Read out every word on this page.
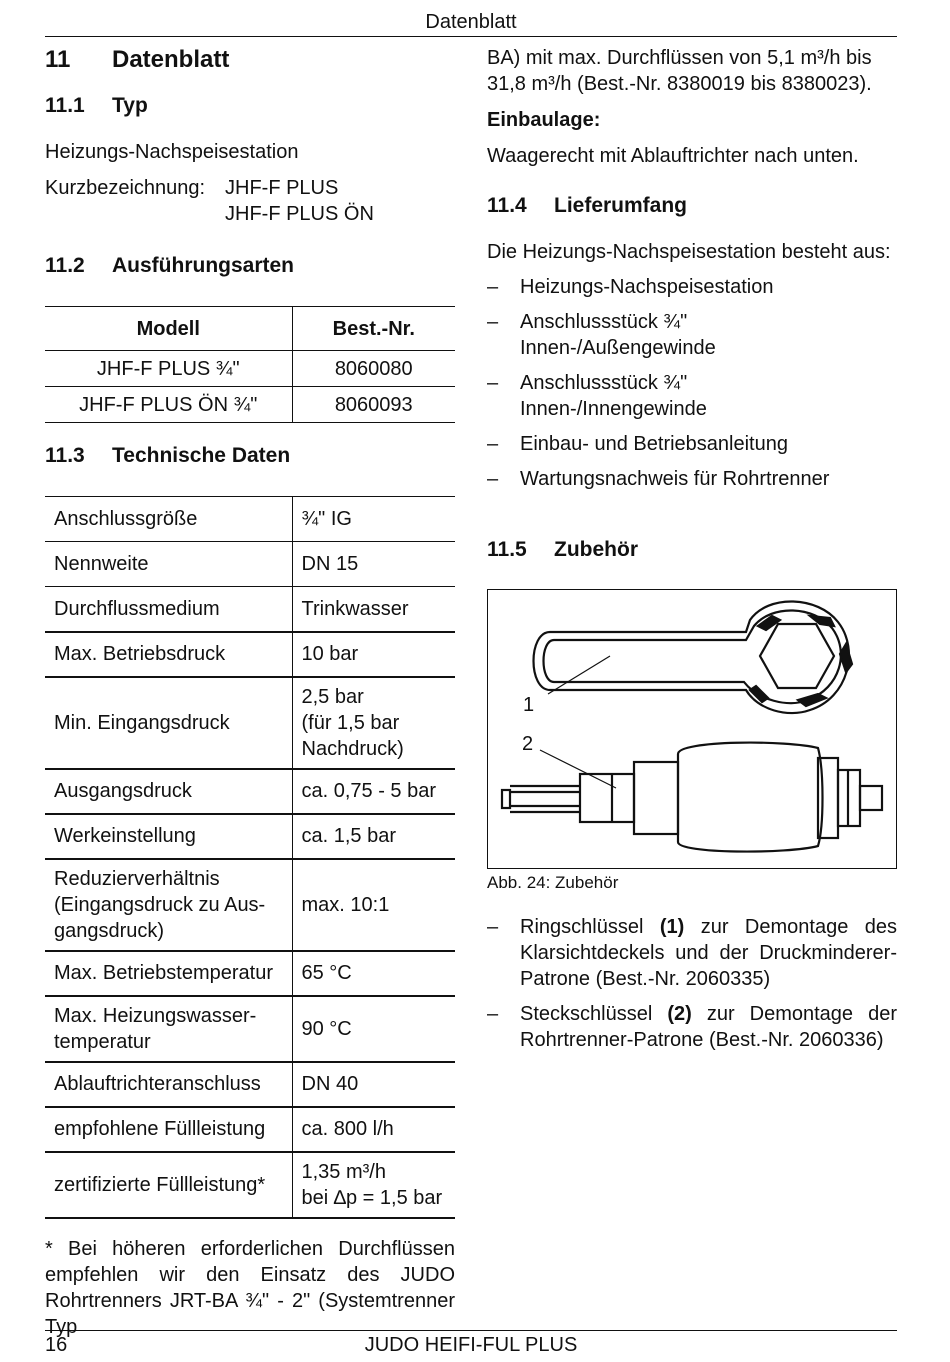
Datenblatt
16	JUDO HEIFI-FUL PLUS
11	Datenblatt
11.1	Typ

Heizungs-Nachspeisestation

Kurzbezeichnung: JHF-F PLUS
JHF-F PLUS ÖN
11.2	Ausführungsarten
Modell	Best.-Nr.
JHF-F PLUS ¾"	8060080
JHF-F PLUS ÖN ¾"	8060093
11.3	Technische Daten
Anschlussgröße	¾" IG
Nennweite	DN 15
Durchflussmedium	Trinkwasser
Max. Betriebsdruck	10 bar
Min. Eingangsdruck	2,5 bar
(für 1,5 bar
Nachdruck)
Ausgangsdruck	ca. 0,75 - 5 bar
Werkeinstellung	ca. 1,5 bar
Reduzierverhältnis
(Eingangsdruck zu Aus-
gangsdruck)	max. 10:1
Max. Betriebstemperatur	65 °C
Max. Heizungswasser-
temperatur	90 °C
Ablauftrichteranschluss	DN 40
empfohlene Füllleistung	ca. 800 l/h
zertifizierte Füllleistung*	1,35 m³/h
bei ∆p = 1,5 bar

* Bei höheren erforderlichen Durchflüssen empfehlen wir den Einsatz des JUDO Rohrtrenners JRT-BA ¾" - 2" (Systemtrenner Typ

BA) mit max. Durchflüssen von 5,1 m³/h bis 31,8 m³/h (Best.-Nr. 8380019 bis 8380023).

Einbaulage:

Waagerecht mit Ablauftrichter nach unten.

11.4	Lieferumfang

Die Heizungs-Nachspeisestation besteht aus:

–	Heizungs-Nachspeisestation
–	Anschlussstück ¾"
Innen-/Außengewinde
–	Anschlussstück ¾"
Innen-/Innengewinde
–	Einbau- und Betriebsanleitung
–	Wartungsnachweis für Rohrtrenner
11.5	Zubehör
1
2
Abb. 24: Zubehör
–	Ringschlüssel (1) zur Demontage des Klarsichtdeckels und der Druckminderer-Patrone (Best.-Nr. 2060335)
–	Steckschlüssel (2) zur Demontage der Rohrtrenner-Patrone (Best.-Nr. 2060336)
